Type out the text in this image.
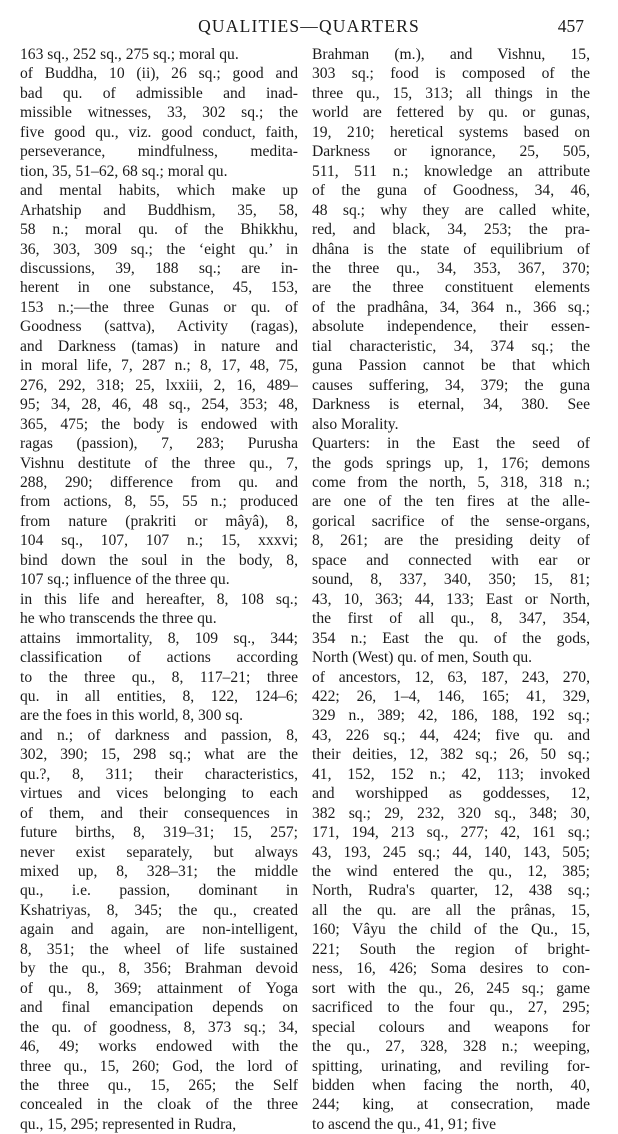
QUALITIES—QUARTERS	457
163 sq., 252 sq., 275 sq.; moral qu.
of Buddha, 10 (ii), 26 sq.; good and
bad qu. of admissible and inad-
missible witnesses, 33, 302 sq.; the
five good qu., viz. good conduct, faith,
perseverance, mindfulness, medita-
tion, 35, 51–62, 68 sq.; moral qu.
and mental habits, which make up
Arhatship and Buddhism, 35, 58,
58 n.; moral qu. of the Bhikkhu,
36, 303, 309 sq.; the ‘eight qu.’ in
discussions, 39, 188 sq.; are in-
herent in one substance, 45, 153,
153 n.;—the three Gunas or qu. of
Goodness (sattva), Activity (ragas),
and Darkness (tamas) in nature and
in moral life, 7, 287 n.; 8, 17, 48, 75,
276, 292, 318; 25, lxxiii, 2, 16, 489–
95; 34, 28, 46, 48 sq., 254, 353; 48,
365, 475; the body is endowed with
ragas (passion), 7, 283; Purusha
Vishnu destitute of the three qu., 7,
288, 290; difference from qu. and
from actions, 8, 55, 55 n.; produced
from nature (prakriti or mâyâ), 8,
104 sq., 107, 107 n.; 15, xxxvi;
bind down the soul in the body, 8,
107 sq.; influence of the three qu.
in this life and hereafter, 8, 108 sq.;
he who transcends the three qu.
attains immortality, 8, 109 sq., 344;
classification of actions according
to the three qu., 8, 117–21; three
qu. in all entities, 8, 122, 124–6;
are the foes in this world, 8, 300 sq.
and n.; of darkness and passion, 8,
302, 390; 15, 298 sq.; what are the
qu.?, 8, 311; their characteristics,
virtues and vices belonging to each
of them, and their consequences in
future births, 8, 319–31; 15, 257;
never exist separately, but always
mixed up, 8, 328–31; the middle
qu., i.e. passion, dominant in
Kshatriyas, 8, 345; the qu., created
again and again, are non-intelligent,
8, 351; the wheel of life sustained
by the qu., 8, 356; Brahman devoid
of qu., 8, 369; attainment of Yoga
and final emancipation depends on
the qu. of goodness, 8, 373 sq.; 34,
46, 49; works endowed with the
three qu., 15, 260; God, the lord of
the three qu., 15, 265; the Self
concealed in the cloak of the three
qu., 15, 295; represented in Rudra,
Brahman (m.), and Vishnu, 15,
303 sq.; food is composed of the
three qu., 15, 313; all things in the
world are fettered by qu. or gunas,
19, 210; heretical systems based on
Darkness or ignorance, 25, 505,
511, 511 n.; knowledge an attribute
of the guna of Goodness, 34, 46,
48 sq.; why they are called white,
red, and black, 34, 253; the pra-
dhâna is the state of equilibrium of
the three qu., 34, 353, 367, 370;
are the three constituent elements
of the pradhâna, 34, 364 n., 366 sq.;
absolute independence, their essen-
tial characteristic, 34, 374 sq.; the
guna Passion cannot be that which
causes suffering, 34, 379; the guna
Darkness is eternal, 34, 380. See
also Morality.
Quarters: in the East the seed of
the gods springs up, 1, 176; demons
come from the north, 5, 318, 318 n.;
are one of the ten fires at the alle-
gorical sacrifice of the sense-organs,
8, 261; are the presiding deity of
space and connected with ear or
sound, 8, 337, 340, 350; 15, 81;
43, 10, 363; 44, 133; East or North,
the first of all qu., 8, 347, 354,
354 n.; East the qu. of the gods,
North (West) qu. of men, South qu.
of ancestors, 12, 63, 187, 243, 270,
422; 26, 1–4, 146, 165; 41, 329,
329 n., 389; 42, 186, 188, 192 sq.;
43, 226 sq.; 44, 424; five qu. and
their deities, 12, 382 sq.; 26, 50 sq.;
41, 152, 152 n.; 42, 113; invoked
and worshipped as goddesses, 12,
382 sq.; 29, 232, 320 sq., 348; 30,
171, 194, 213 sq., 277; 42, 161 sq.;
43, 193, 245 sq.; 44, 140, 143, 505;
the wind entered the qu., 12, 385;
North, Rudra's quarter, 12, 438 sq.;
all the qu. are all the prânas, 15,
160; Vâyu the child of the Qu., 15,
221; South the region of bright-
ness, 16, 426; Soma desires to con-
sort with the qu., 26, 245 sq.; game
sacrificed to the four qu., 27, 295;
special colours and weapons for
the qu., 27, 328, 328 n.; weeping,
spitting, urinating, and reviling for-
bidden when facing the north, 40,
244; king, at consecration, made
to ascend the qu., 41, 91; five
